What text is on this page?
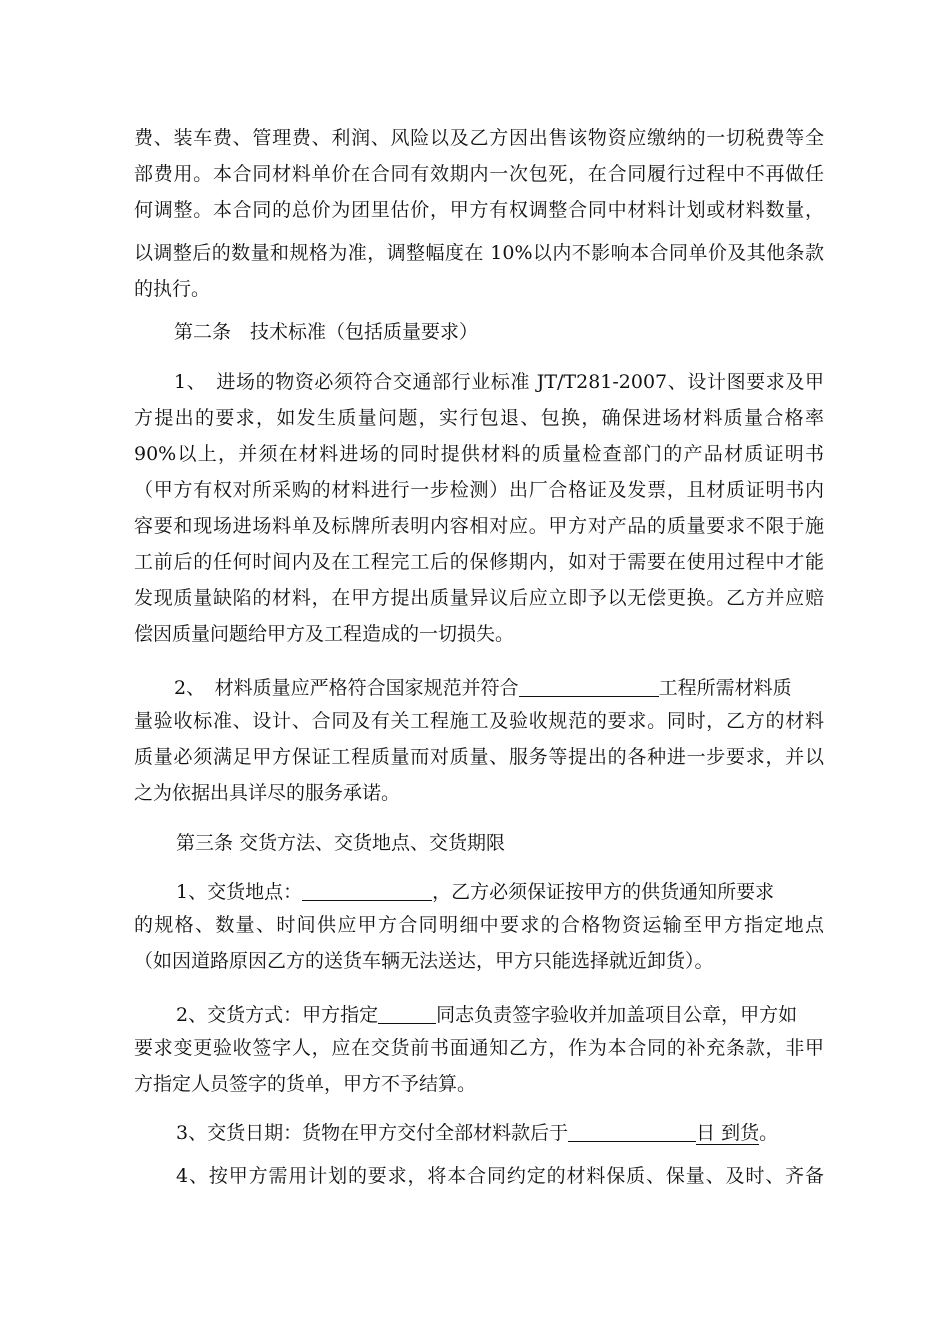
费、装车费、管理费、利润、风险以及乙方因出售该物资应缴纳的一切税费等全
部费用。本合同材料单价在合同有效期内一次包死，在合同履行过程中不再做任
何调整。本合同的总价为团里估价，甲方有权调整合同中材料计划或材料数量，
以调整后的数量和规格为准，调整幅度在 10%以内不影响本合同单价及其他条款
的执行。
第二条　技术标准（包括质量要求）
1、　进场的物资必须符合交通部行业标准 JT/T281-2007、设计图要求及甲
方提出的要求，如发生质量问题，实行包退、包换，确保进场材料质量合格率
90%以上，并须在材料进场的同时提供材料的质量检查部门的产品材质证明书
（甲方有权对所采购的材料进行一步检测）出厂合格证及发票，且材质证明书内
容要和现场进场料单及标牌所表明内容相对应。甲方对产品的质量要求不限于施
工前后的任何时间内及在工程完工后的保修期内，如对于需要在使用过程中才能
发现质量缺陷的材料，在甲方提出质量异议后应立即予以无偿更换。乙方并应赔
偿因质量问题给甲方及工程造成的一切损失。
2、　材料质量应严格符合国家规范并符合	工程所需材料质
量验收标准、设计、合同及有关工程施工及验收规范的要求。同时，乙方的材料
质量必须满足甲方保证工程质量而对质量、服务等提出的各种进一步要求，并以
之为依据出具详尽的服务承诺。
第三条 交货方法、交货地点、交货期限
1、交货地点：	，乙方必须保证按甲方的供货通知所要求
的规格、数量、时间供应甲方合同明细中要求的合格物资运输至甲方指定地点
（如因道路原因乙方的送货车辆无法送达，甲方只能选择就近卸货）。
2、交货方式：甲方指定	同志负责签字验收并加盖项目公章，甲方如
要求变更验收签字人，应在交货前书面通知乙方，作为本合同的补充条款，非甲
方指定人员签字的货单，甲方不予结算。
3、交货日期：货物在甲方交付全部材料款后于	日 到货。
4、按甲方需用计划的要求，将本合同约定的材料保质、保量、及时、齐备
